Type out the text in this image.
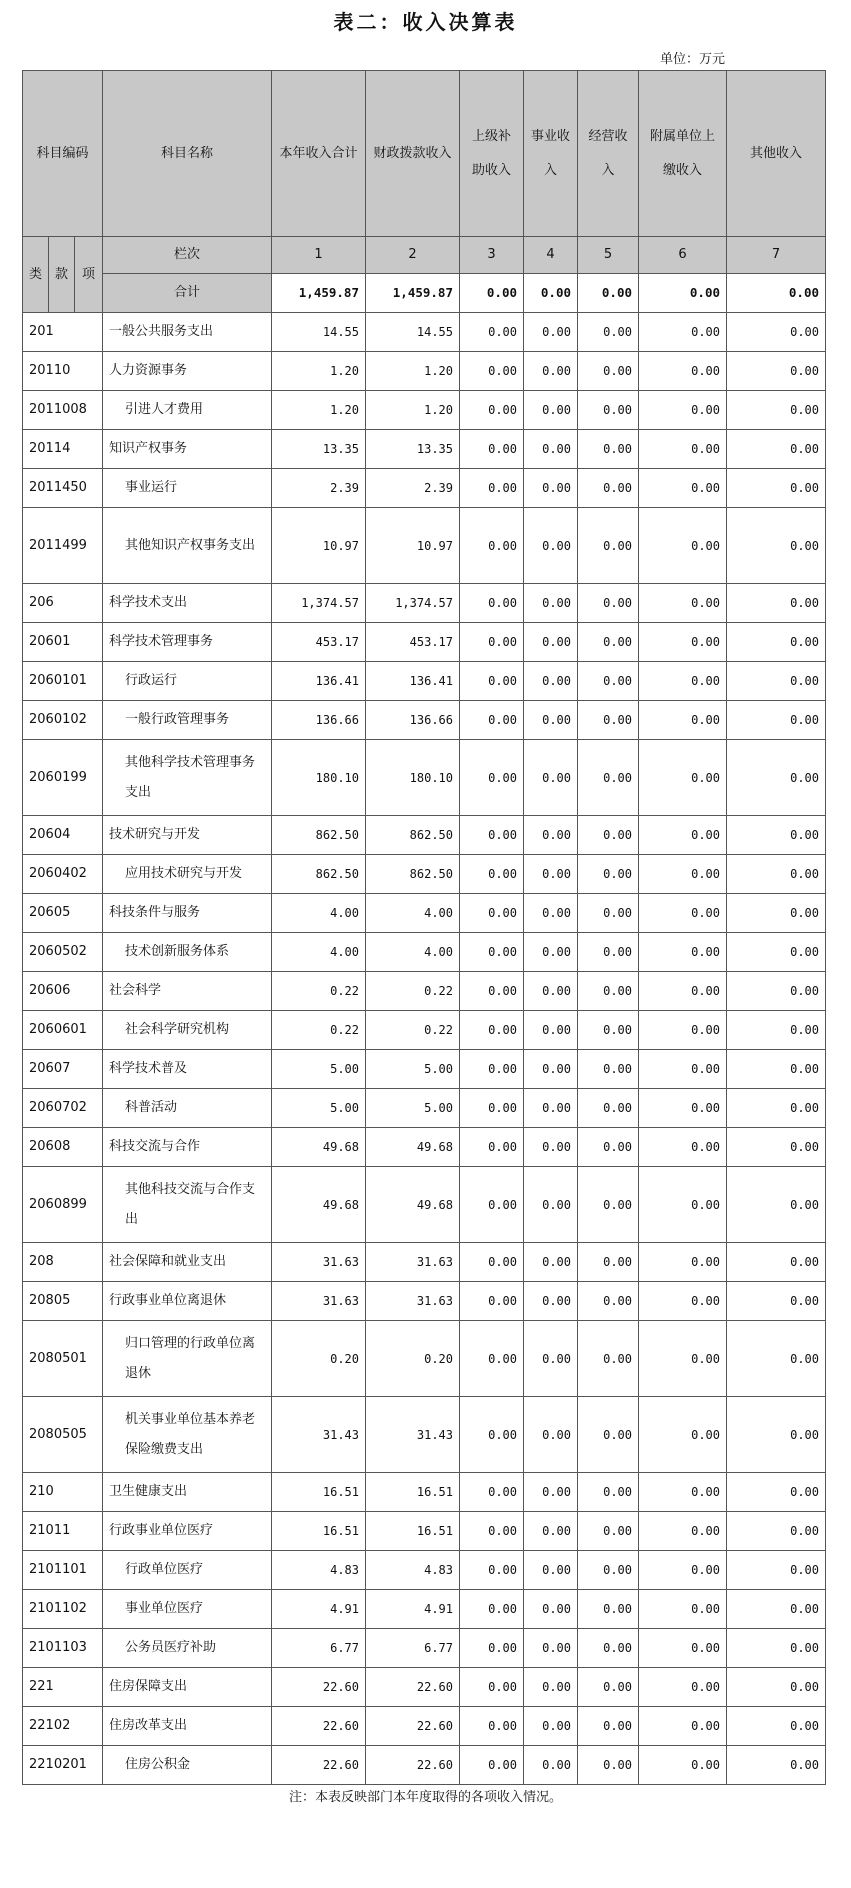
表二：收入决算表
单位：万元
科目编码			科目名称	本年收入合计	财政拨款收入	上级补助收入	事业收入	经营收入	附属单位上缴收入	其他收入
类	款	项	栏次	1	2	3	4	5	6	7
			合计	1,459.87	1,459.87	0.00	0.00	0.00	0.00	0.00
201			一般公共服务支出	14.55	14.55	0.00	0.00	0.00	0.00	0.00
20110			人力资源事务	1.20	1.20	0.00	0.00	0.00	0.00	0.00
2011008			引进人才费用	1.20	1.20	0.00	0.00	0.00	0.00	0.00
20114			知识产权事务	13.35	13.35	0.00	0.00	0.00	0.00	0.00
2011450			事业运行	2.39	2.39	0.00	0.00	0.00	0.00	0.00
2011499			其他知识产权事务支出	10.97	10.97	0.00	0.00	0.00	0.00	0.00
206			科学技术支出	1,374.57	1,374.57	0.00	0.00	0.00	0.00	0.00
20601			科学技术管理事务	453.17	453.17	0.00	0.00	0.00	0.00	0.00
2060101			行政运行	136.41	136.41	0.00	0.00	0.00	0.00	0.00
2060102			一般行政管理事务	136.66	136.66	0.00	0.00	0.00	0.00	0.00
2060199			其他科学技术管理事务支出	180.10	180.10	0.00	0.00	0.00	0.00	0.00
20604			技术研究与开发	862.50	862.50	0.00	0.00	0.00	0.00	0.00
2060402			应用技术研究与开发	862.50	862.50	0.00	0.00	0.00	0.00	0.00
20605			科技条件与服务	4.00	4.00	0.00	0.00	0.00	0.00	0.00
2060502			技术创新服务体系	4.00	4.00	0.00	0.00	0.00	0.00	0.00
20606			社会科学	0.22	0.22	0.00	0.00	0.00	0.00	0.00
2060601			社会科学研究机构	0.22	0.22	0.00	0.00	0.00	0.00	0.00
20607			科学技术普及	5.00	5.00	0.00	0.00	0.00	0.00	0.00
2060702			科普活动	5.00	5.00	0.00	0.00	0.00	0.00	0.00
20608			科技交流与合作	49.68	49.68	0.00	0.00	0.00	0.00	0.00
2060899			其他科技交流与合作支出	49.68	49.68	0.00	0.00	0.00	0.00	0.00
208			社会保障和就业支出	31.63	31.63	0.00	0.00	0.00	0.00	0.00
20805			行政事业单位离退休	31.63	31.63	0.00	0.00	0.00	0.00	0.00
2080501			归口管理的行政单位离退休	0.20	0.20	0.00	0.00	0.00	0.00	0.00
2080505			机关事业单位基本养老保险缴费支出	31.43	31.43	0.00	0.00	0.00	0.00	0.00
210			卫生健康支出	16.51	16.51	0.00	0.00	0.00	0.00	0.00
21011			行政事业单位医疗	16.51	16.51	0.00	0.00	0.00	0.00	0.00
2101101			行政单位医疗	4.83	4.83	0.00	0.00	0.00	0.00	0.00
2101102			事业单位医疗	4.91	4.91	0.00	0.00	0.00	0.00	0.00
2101103			公务员医疗补助	6.77	6.77	0.00	0.00	0.00	0.00	0.00
221			住房保障支出	22.60	22.60	0.00	0.00	0.00	0.00	0.00
22102			住房改革支出	22.60	22.60	0.00	0.00	0.00	0.00	0.00
2210201			住房公积金	22.60	22.60	0.00	0.00	0.00	0.00	0.00
注：本表反映部门本年度取得的各项收入情况。
